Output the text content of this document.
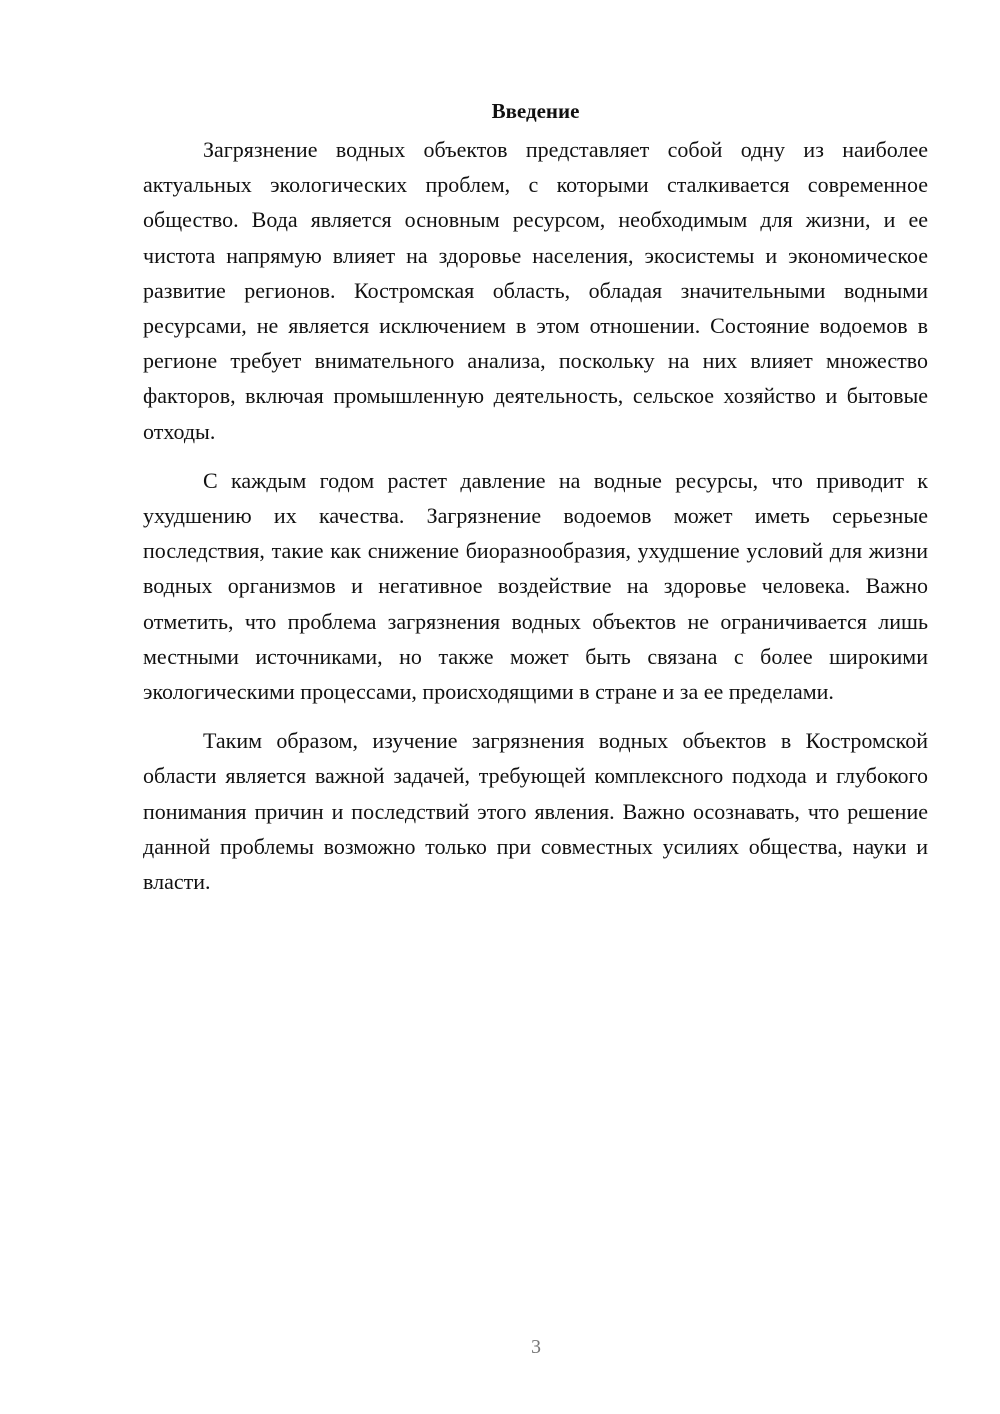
Введение

Загрязнение водных объектов представляет собой одну из наиболее актуальных экологических проблем, с которыми сталкивается современное общество. Вода является основным ресурсом, необходимым для жизни, и ее чистота напрямую влияет на здоровье населения, экосистемы и экономическое развитие регионов. Костромская область, обладая значительными водными ресурсами, не является исключением в этом отношении. Состояние водоемов в регионе требует внимательного анализа, поскольку на них влияет множество факторов, включая промышленную деятельность, сельское хозяйство и бытовые отходы.

С каждым годом растет давление на водные ресурсы, что приводит к ухудшению их качества. Загрязнение водоемов может иметь серьезные последствия, такие как снижение биоразнообразия, ухудшение условий для жизни водных организмов и негативное воздействие на здоровье человека. Важно отметить, что проблема загрязнения водных объектов не ограничивается лишь местными источниками, но также может быть связана с более широкими экологическими процессами, происходящими в стране и за ее пределами.

Таким образом, изучение загрязнения водных объектов в Костромской области является важной задачей, требующей комплексного подхода и глубокого понимания причин и последствий этого явления. Важно осознавать, что решение данной проблемы возможно только при совместных усилиях общества, науки и власти.

3
